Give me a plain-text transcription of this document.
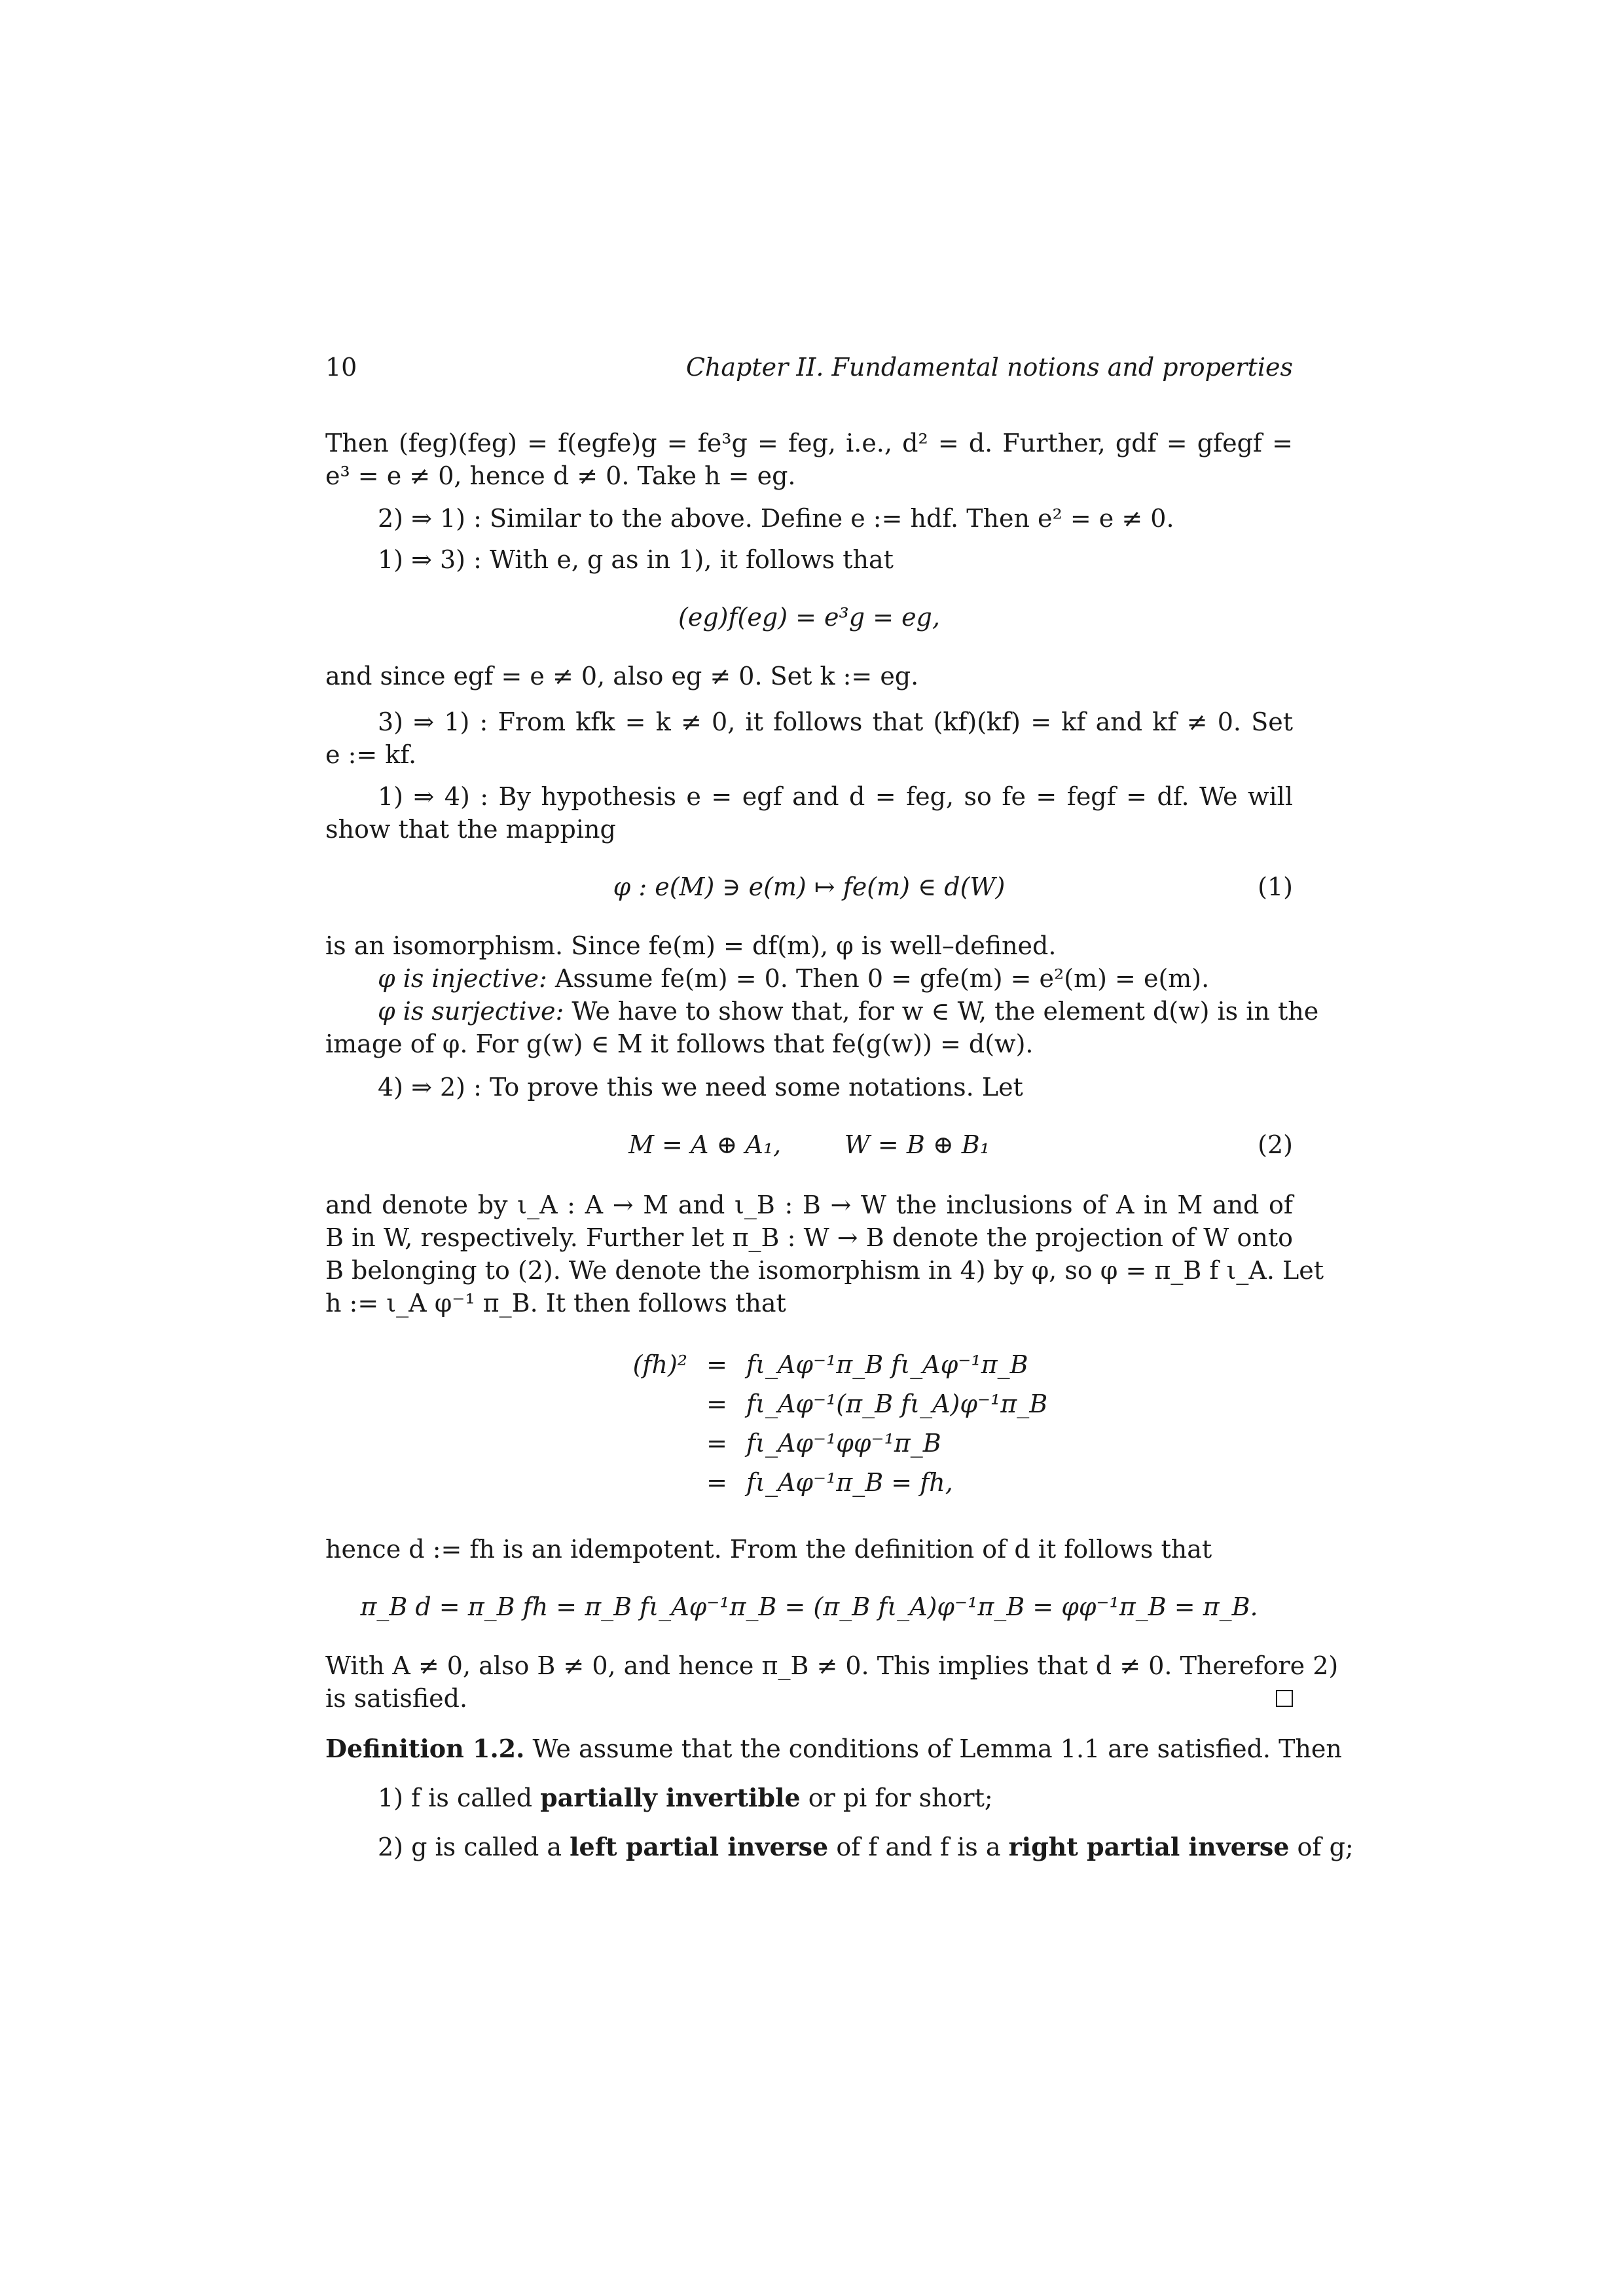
10	Chapter II. Fundamental notions and properties
Then (feg)(feg) = f(egfe)g = fe³g = feg, i.e., d² = d. Further, gdf = gfegf =
e³ = e ≠ 0, hence d ≠ 0. Take h = eg.
2) ⇒ 1) : Similar to the above. Define e := hdf. Then e² = e ≠ 0.
1) ⇒ 3) : With e, g as in 1), it follows that
(eg)f(eg) = e³g = eg,
and since egf = e ≠ 0, also eg ≠ 0. Set k := eg.
3) ⇒ 1) : From kfk = k ≠ 0, it follows that (kf)(kf) = kf and kf ≠ 0. Set
e := kf.
1) ⇒ 4) : By hypothesis e = egf and d = feg, so fe = fegf = df. We will
show that the mapping
φ : e(M) ∋ e(m) ↦ fe(m) ∈ d(W)	(1)
is an isomorphism. Since fe(m) = df(m), φ is well–defined.
φ is injective: Assume fe(m) = 0. Then 0 = gfe(m) = e²(m) = e(m).
φ is surjective: We have to show that, for w ∈ W, the element d(w) is in the
image of φ. For g(w) ∈ M it follows that fe(g(w)) = d(w).
4) ⇒ 2) : To prove this we need some notations. Let
M = A ⊕ A₁,        W = B ⊕ B₁	(2)
and denote by ι_A : A → M and ι_B : B → W the inclusions of A in M and of
B in W, respectively. Further let π_B : W → B denote the projection of W onto
B belonging to (2). We denote the isomorphism in 4) by φ, so φ = π_B f ι_A. Let
h := ι_A φ⁻¹ π_B. It then follows that
(fh)² = fι_Aφ⁻¹π_B fι_Aφ⁻¹π_B
= fι_Aφ⁻¹(π_B fι_A)φ⁻¹π_B
= fι_Aφ⁻¹φφ⁻¹π_B
= fι_Aφ⁻¹π_B = fh,
hence d := fh is an idempotent. From the definition of d it follows that
π_B d = π_B fh = π_B fι_Aφ⁻¹π_B = (π_B fι_A)φ⁻¹π_B = φφ⁻¹π_B = π_B.
With A ≠ 0, also B ≠ 0, and hence π_B ≠ 0. This implies that d ≠ 0. Therefore 2)
is satisfied.
Definition 1.2. We assume that the conditions of Lemma 1.1 are satisfied. Then
1) f is called partially invertible or pi for short;
2) g is called a left partial inverse of f and f is a right partial inverse of g;
